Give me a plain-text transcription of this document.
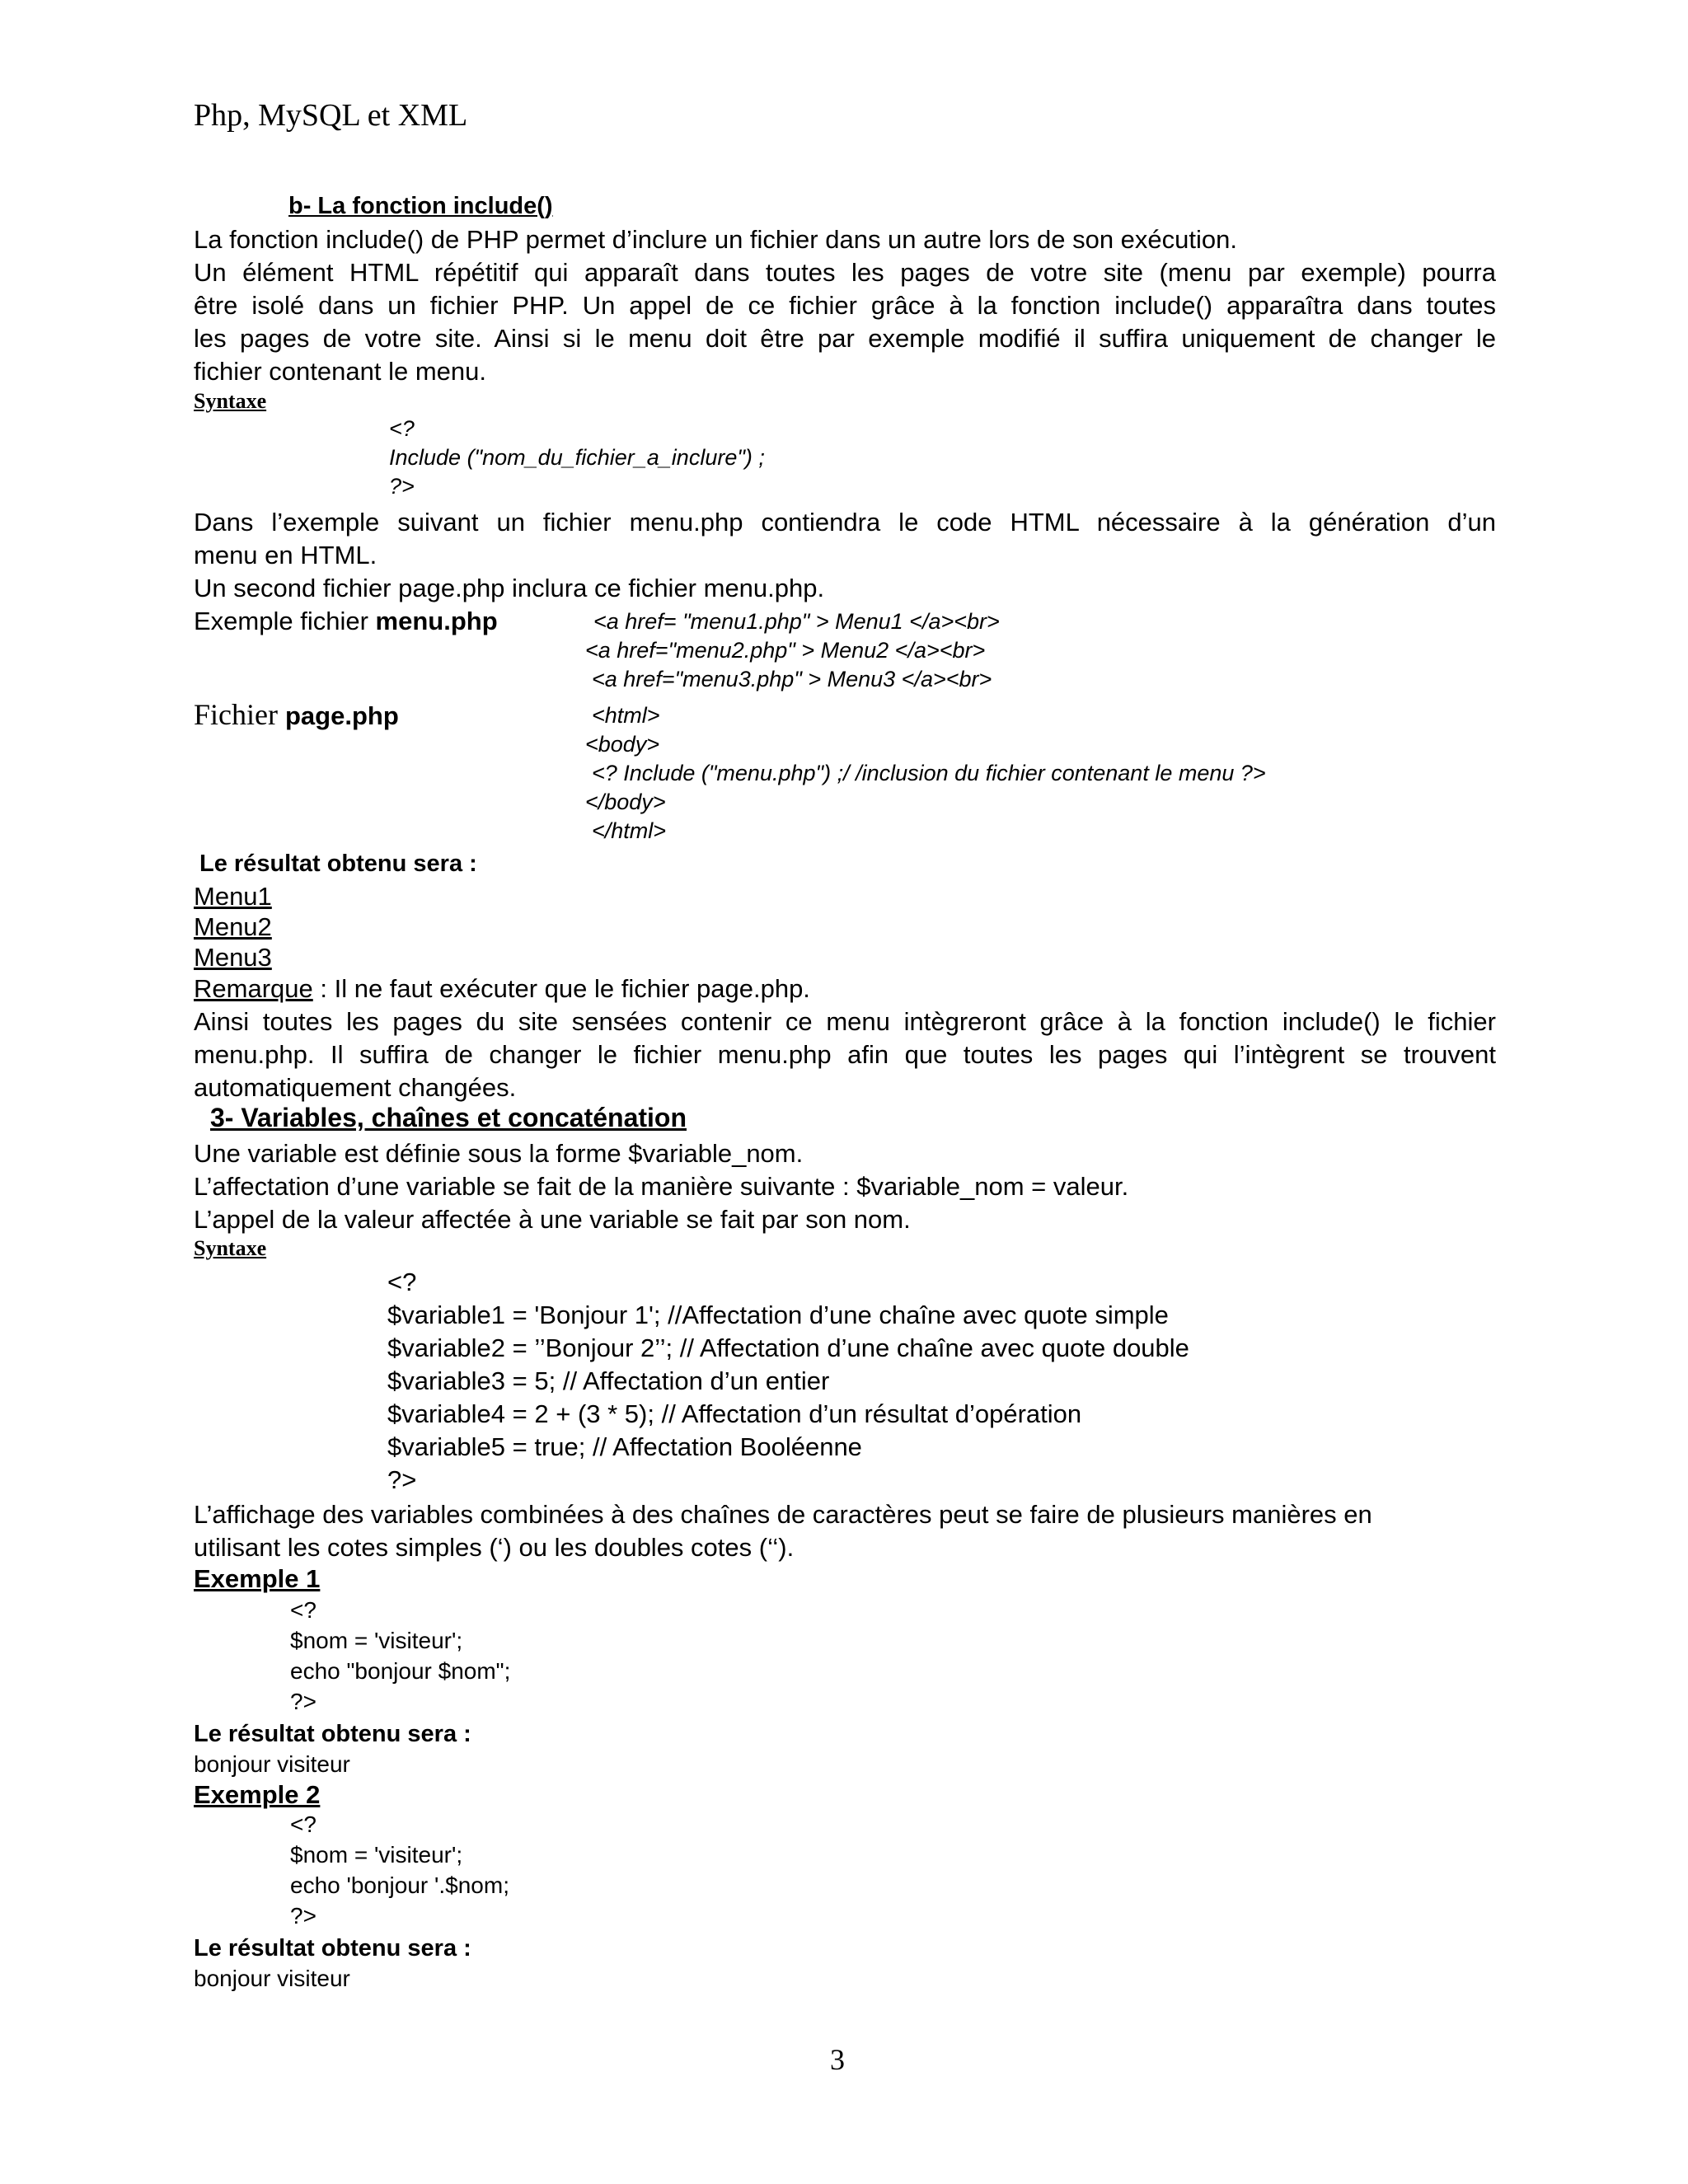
Php, MySQL et XML
b- La fonction include()
La fonction include() de PHP permet d’inclure un fichier dans un autre lors de son exécution.
Un élément HTML répétitif qui apparaît dans toutes les pages de votre site (menu par exemple) pourra
être isolé dans un fichier PHP. Un appel de ce fichier grâce à la fonction include() apparaîtra dans toutes
les pages de votre site. Ainsi si le menu doit être par exemple modifié il suffira uniquement de changer le
fichier contenant le menu.
Syntaxe
<?
Include ("nom_du_fichier_a_inclure") ;
?>
Dans l’exemple suivant un fichier menu.php contiendra le code HTML nécessaire à la génération d’un
menu en HTML.
Un second fichier page.php inclura ce fichier menu.php.
Exemple fichier menu.php	<a href= "menu1.php" > Menu1 </a><br>
<a href="menu2.php" > Menu2 </a><br>
<a href="menu3.php" > Menu3 </a><br>
Fichier page.php	<html>
<body>
<? Include ("menu.php") ;/ /inclusion du fichier contenant le menu ?>
</body>
</html>
Le résultat obtenu sera :
Menu1
Menu2
Menu3
Remarque : Il ne faut exécuter que le fichier page.php.
Ainsi toutes les pages du site sensées contenir ce menu intègreront grâce à la fonction include() le fichier
menu.php. Il suffira de changer le fichier menu.php afin que toutes les pages qui l’intègrent se trouvent
automatiquement changées.
3- Variables, chaînes et concaténation
Une variable est définie sous la forme $variable_nom.
L’affectation d’une variable se fait de la manière suivante : $variable_nom = valeur.
L’appel de la valeur affectée à une variable se fait par son nom.
Syntaxe
<?
$variable1 = 'Bonjour 1'; //Affectation d’une chaîne avec quote simple
$variable2 = ’’Bonjour 2’’; // Affectation d’une chaîne avec quote double
$variable3 = 5; // Affectation d’un entier
$variable4 = 2 + (3 * 5); // Affectation d’un résultat d’opération
$variable5 = true; // Affectation Booléenne
?>
L’affichage des variables combinées à des chaînes de caractères peut se faire de plusieurs manières en
utilisant les cotes simples (‘) ou les doubles cotes (‘‘).
Exemple 1
<?
$nom = 'visiteur';
echo "bonjour $nom";
?>
Le résultat obtenu sera :
bonjour visiteur
Exemple 2
<?
$nom = 'visiteur';
echo 'bonjour '.$nom;
?>
Le résultat obtenu sera :
bonjour visiteur
3
